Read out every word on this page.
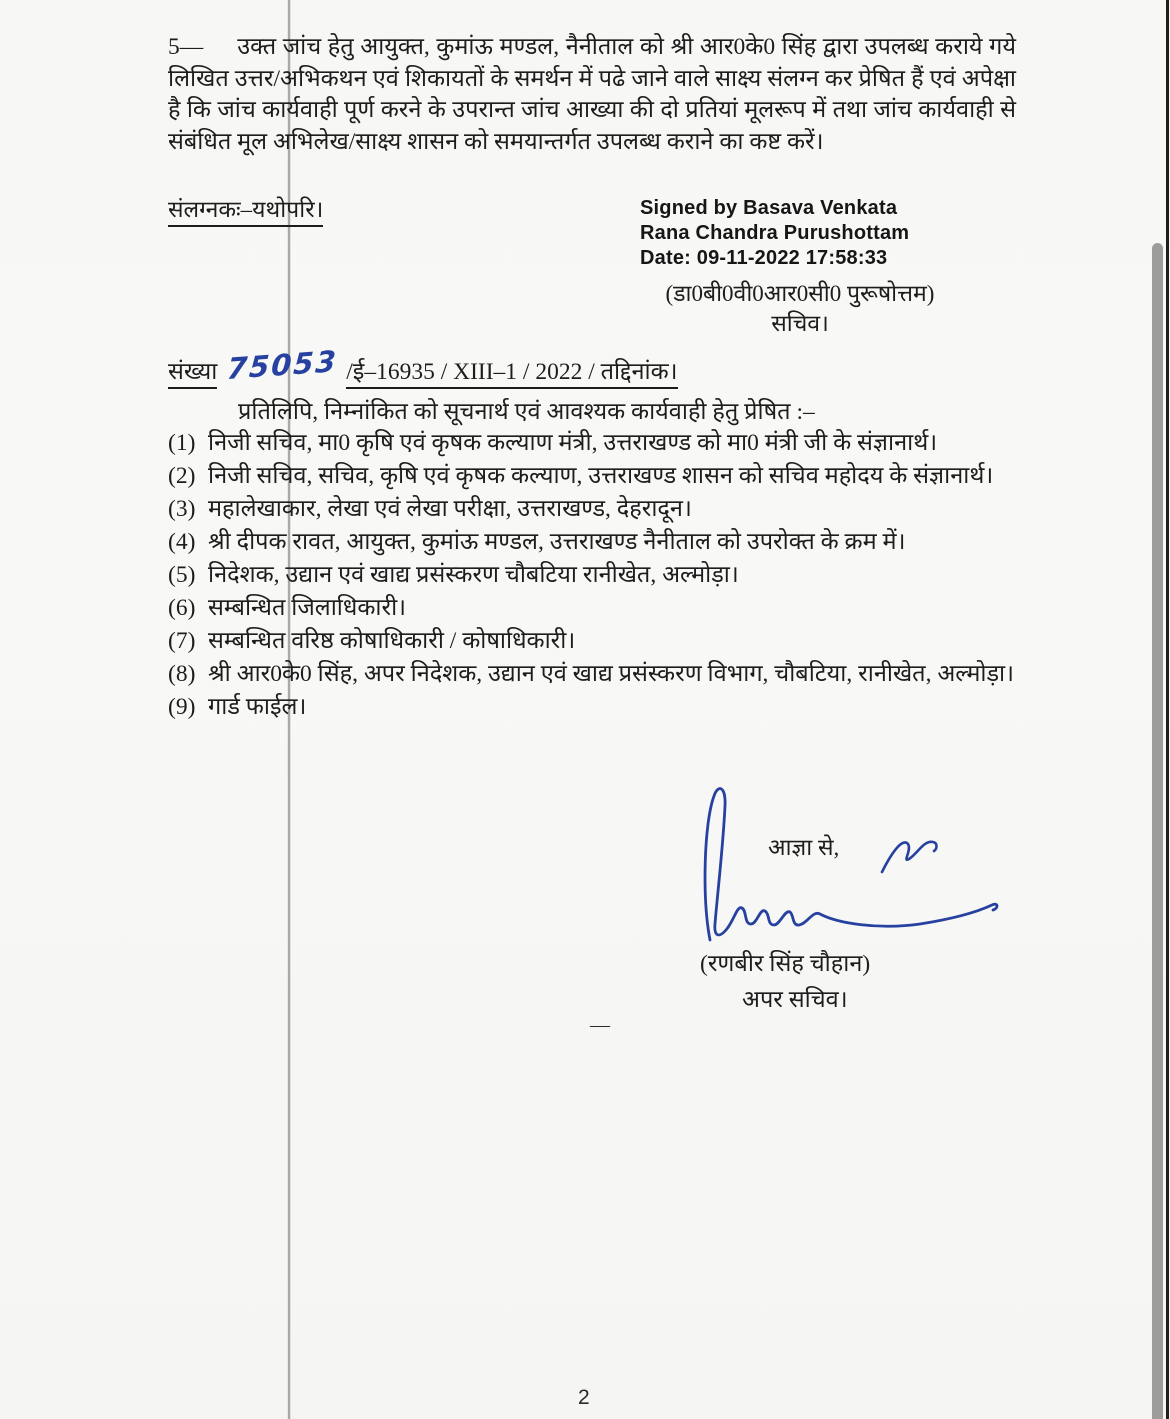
5— उक्त जांच हेतु आयुक्त, कुमांऊ मण्डल, नैनीताल को श्री आर0के0 सिंह द्वारा उपलब्ध कराये गये लिखित उत्तर/अभिकथन एवं शिकायतों के समर्थन में पढे जाने वाले साक्ष्य संलग्न कर प्रेषित हैं एवं अपेक्षा है कि जांच कार्यवाही पूर्ण करने के उपरान्त जांच आख्या की दो प्रतियां मूलरूप में तथा जांच कार्यवाही से संबंधित मूल अभिलेख/साक्ष्य शासन को समयान्तर्गत उपलब्ध कराने का कष्ट करें।
संलग्नकः–यथोपरि।	Signed by Basava Venkata
Rana Chandra Purushottam
Date: 09-11-2022 17:58:33
(डा0बी0वी0आर0सी0 पुरूषोत्तम)
सचिव।
संख्या 75053 /ई–16935 / XIII–1 / 2022 / तद्दिनांक।
प्रतिलिपि, निम्नांकित को सूचनार्थ एवं आवश्यक कार्यवाही हेतु प्रेषित :–
(1) निजी सचिव, मा0 कृषि एवं कृषक कल्याण मंत्री, उत्तराखण्ड को मा0 मंत्री जी के संज्ञानार्थ।
(2) निजी सचिव, सचिव, कृषि एवं कृषक कल्याण, उत्तराखण्ड शासन को सचिव महोदय के संज्ञानार्थ।
(3) महालेखाकार, लेखा एवं लेखा परीक्षा, उत्तराखण्ड, देहरादून।
(4) श्री दीपक रावत, आयुक्त, कुमांऊ मण्डल, उत्तराखण्ड नैनीताल को उपरोक्त के क्रम में।
(5) निदेशक, उद्यान एवं खाद्य प्रसंस्करण चौबटिया रानीखेत, अल्मोड़ा।
(6) सम्बन्धित जिलाधिकारी।
(7) सम्बन्धित वरिष्ठ कोषाधिकारी / कोषाधिकारी।
(8) श्री आर0के0 सिंह, अपर निदेशक, उद्यान एवं खाद्य प्रसंस्करण विभाग, चौबटिया, रानीखेत, अल्मोड़ा।
(9) गार्ड फाईल।
आज्ञा से,
(रणबीर सिंह चौहान)
अपर सचिव।
—
2
